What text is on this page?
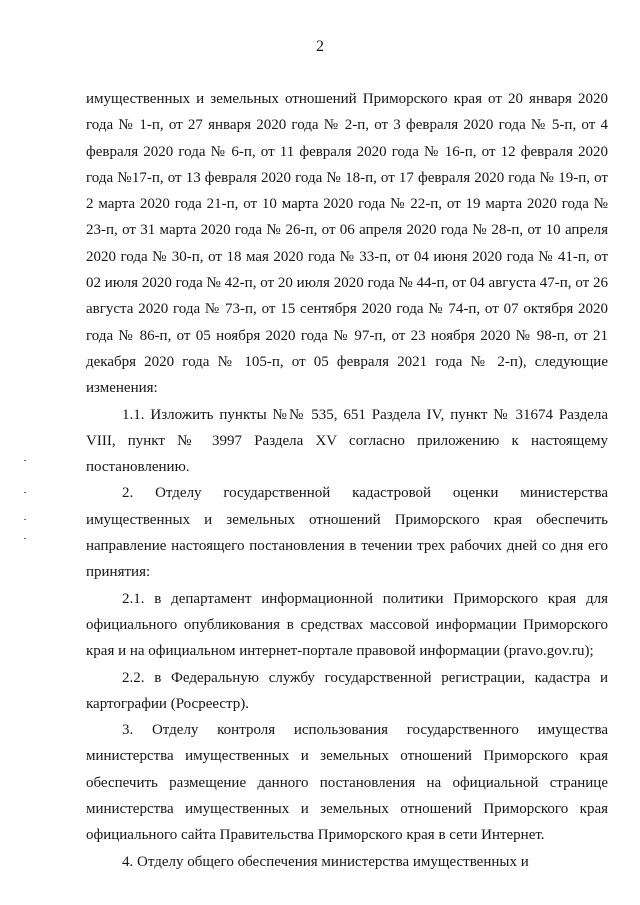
2

имущественных и земельных отношений Приморского края от 20 января 2020 года № 1-п, от 27 января 2020 года № 2-п, от 3 февраля 2020 года № 5-п, от 4 февраля 2020 года № 6-п, от 11 февраля 2020 года № 16-п, от 12 февраля 2020 года №17-п, от 13 февраля 2020 года № 18-п, от 17 февраля 2020 года № 19-п, от 2 марта 2020 года 21-п, от 10 марта 2020 года № 22-п, от 19 марта 2020 года № 23-п, от 31 марта 2020 года № 26-п, от 06 апреля 2020 года № 28-п, от 10 апреля 2020 года № 30-п, от 18 мая 2020 года № 33-п, от 04 июня 2020 года № 41-п, от 02 июля 2020 года № 42-п, от 20 июля 2020 года № 44-п, от 04 августа 47-п, от 26 августа 2020 года № 73-п, от 15 сентября 2020 года № 74-п, от 07 октября 2020 года № 86-п, от 05 ноября 2020 года № 97-п, от 23 ноября 2020 № 98-п, от 21 декабря 2020 года № 105-п, от 05 февраля 2021 года № 2-п), следующие изменения:

1.1. Изложить пункты №№ 535, 651 Раздела IV, пункт № 31674 Раздела VIII, пункт № 3997 Раздела XV согласно приложению к настоящему постановлению.

2. Отделу государственной кадастровой оценки министерства имущественных и земельных отношений Приморского края обеспечить направление настоящего постановления в течении трех рабочих дней со дня его принятия:

2.1. в департамент информационной политики Приморского края для официального опубликования в средствах массовой информации Приморского края и на официальном интернет-портале правовой информации (pravo.gov.ru);

2.2. в Федеральную службу государственной регистрации, кадастра и картографии (Росреестр).

3. Отделу контроля использования государственного имущества министерства имущественных и земельных отношений Приморского края обеспечить размещение данного постановления на официальной странице министерства имущественных и земельных отношений Приморского края официального сайта Правительства Приморского края в сети Интернет.

4. Отделу общего обеспечения министерства имущественных и
